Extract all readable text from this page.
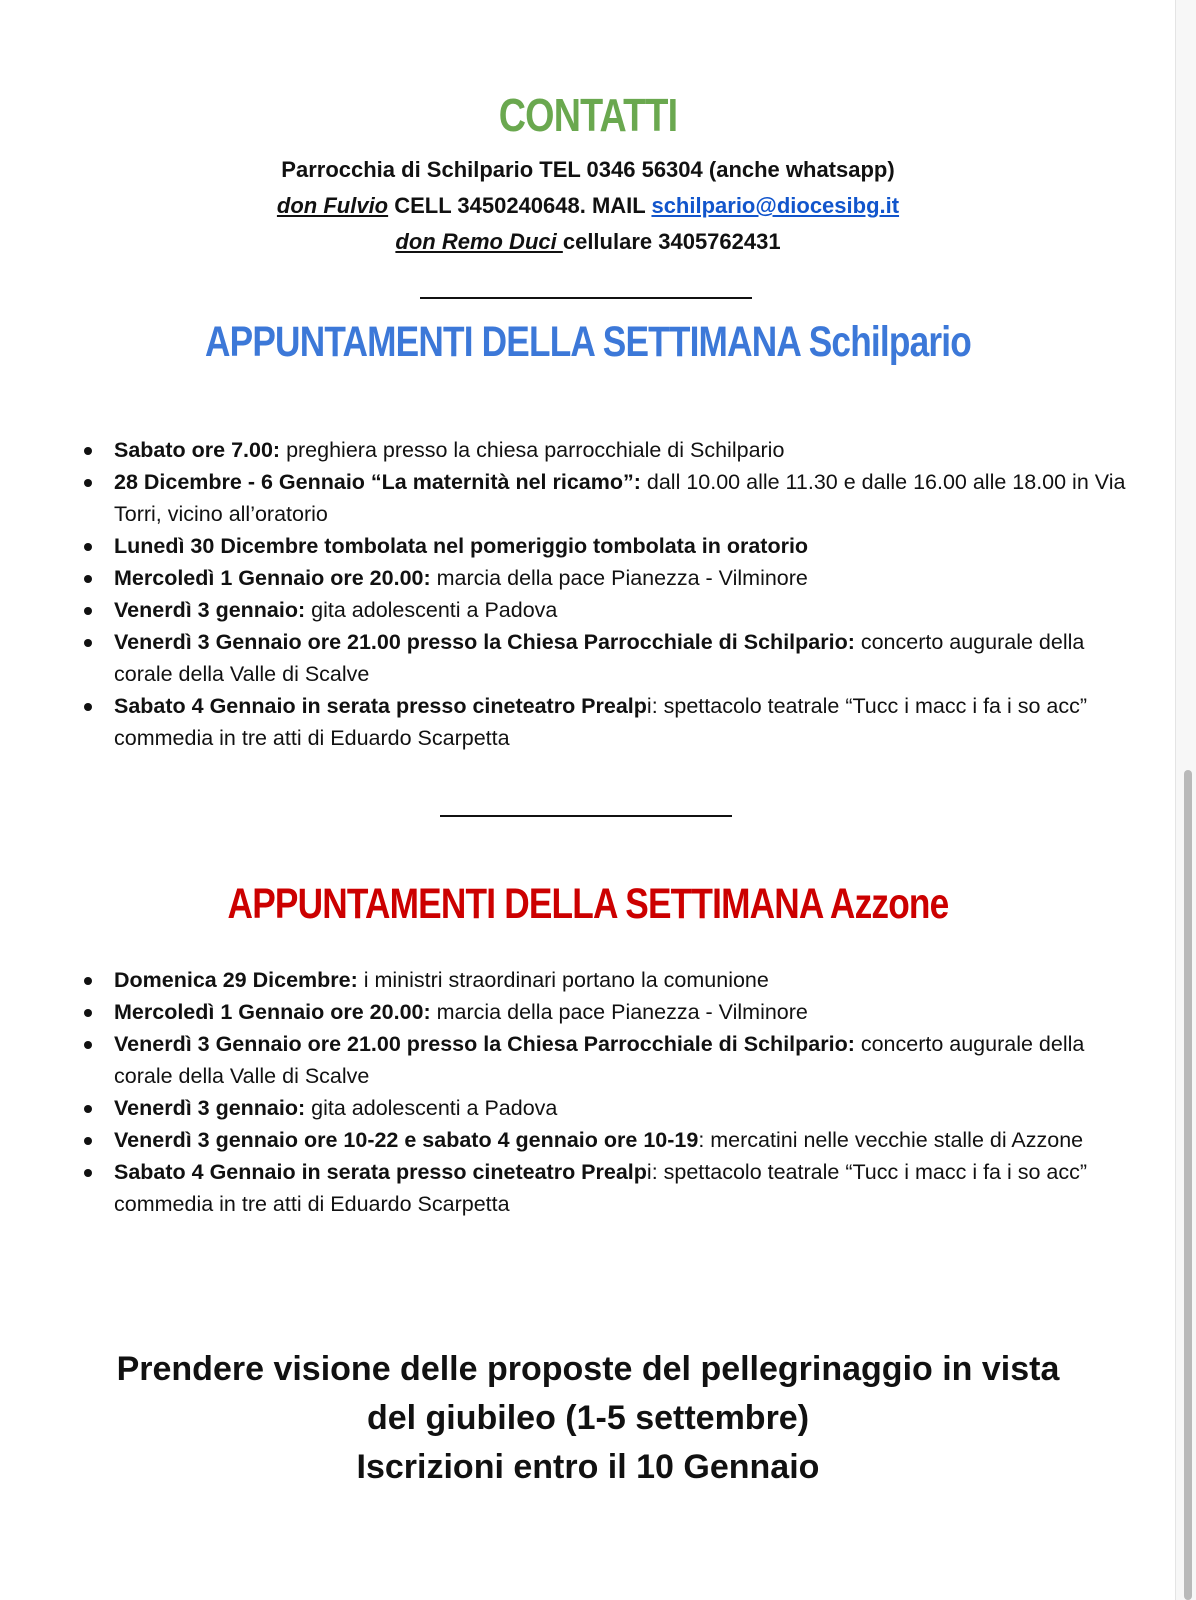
CONTATTI
Parrocchia di Schilpario TEL 0346 56304 (anche whatsapp)
don Fulvio CELL 3450240648. MAIL schilpario@diocesibg.it
don Remo Duci cellulare 3405762431
APPUNTAMENTI DELLA SETTIMANA Schilpario
Sabato ore 7.00: preghiera presso la chiesa parrocchiale di Schilpario
28 Dicembre - 6 Gennaio “La maternità nel ricamo”: dall 10.00 alle 11.30 e dalle 16.00 alle 18.00 in Via Torri, vicino all’oratorio
Lunedì 30 Dicembre tombolata nel pomeriggio tombolata in oratorio
Mercoledì 1 Gennaio ore 20.00: marcia della pace Pianezza - Vilminore
Venerdì 3 gennaio: gita adolescenti a Padova
Venerdì 3 Gennaio ore 21.00 presso la Chiesa Parrocchiale di Schilpario: concerto augurale della corale della Valle di Scalve
Sabato 4 Gennaio in serata presso cineteatro Prealpi: spettacolo teatrale “Tucc i macc i fa i so acc” commedia in tre atti di Eduardo Scarpetta
APPUNTAMENTI DELLA SETTIMANA Azzone
Domenica 29 Dicembre: i ministri straordinari portano la comunione
Mercoledì 1 Gennaio ore 20.00: marcia della pace Pianezza - Vilminore
Venerdì 3 Gennaio ore 21.00 presso la Chiesa Parrocchiale di Schilpario: concerto augurale della corale della Valle di Scalve
Venerdì 3 gennaio: gita adolescenti a Padova
Venerdì 3 gennaio ore 10-22 e sabato 4 gennaio ore 10-19: mercatini nelle vecchie stalle di Azzone
Sabato 4 Gennaio in serata presso cineteatro Prealpi: spettacolo teatrale “Tucc i macc i fa i so acc” commedia in tre atti di Eduardo Scarpetta
Prendere visione delle proposte del pellegrinaggio in vista
del giubileo (1-5 settembre)
Iscrizioni entro il 10 Gennaio
